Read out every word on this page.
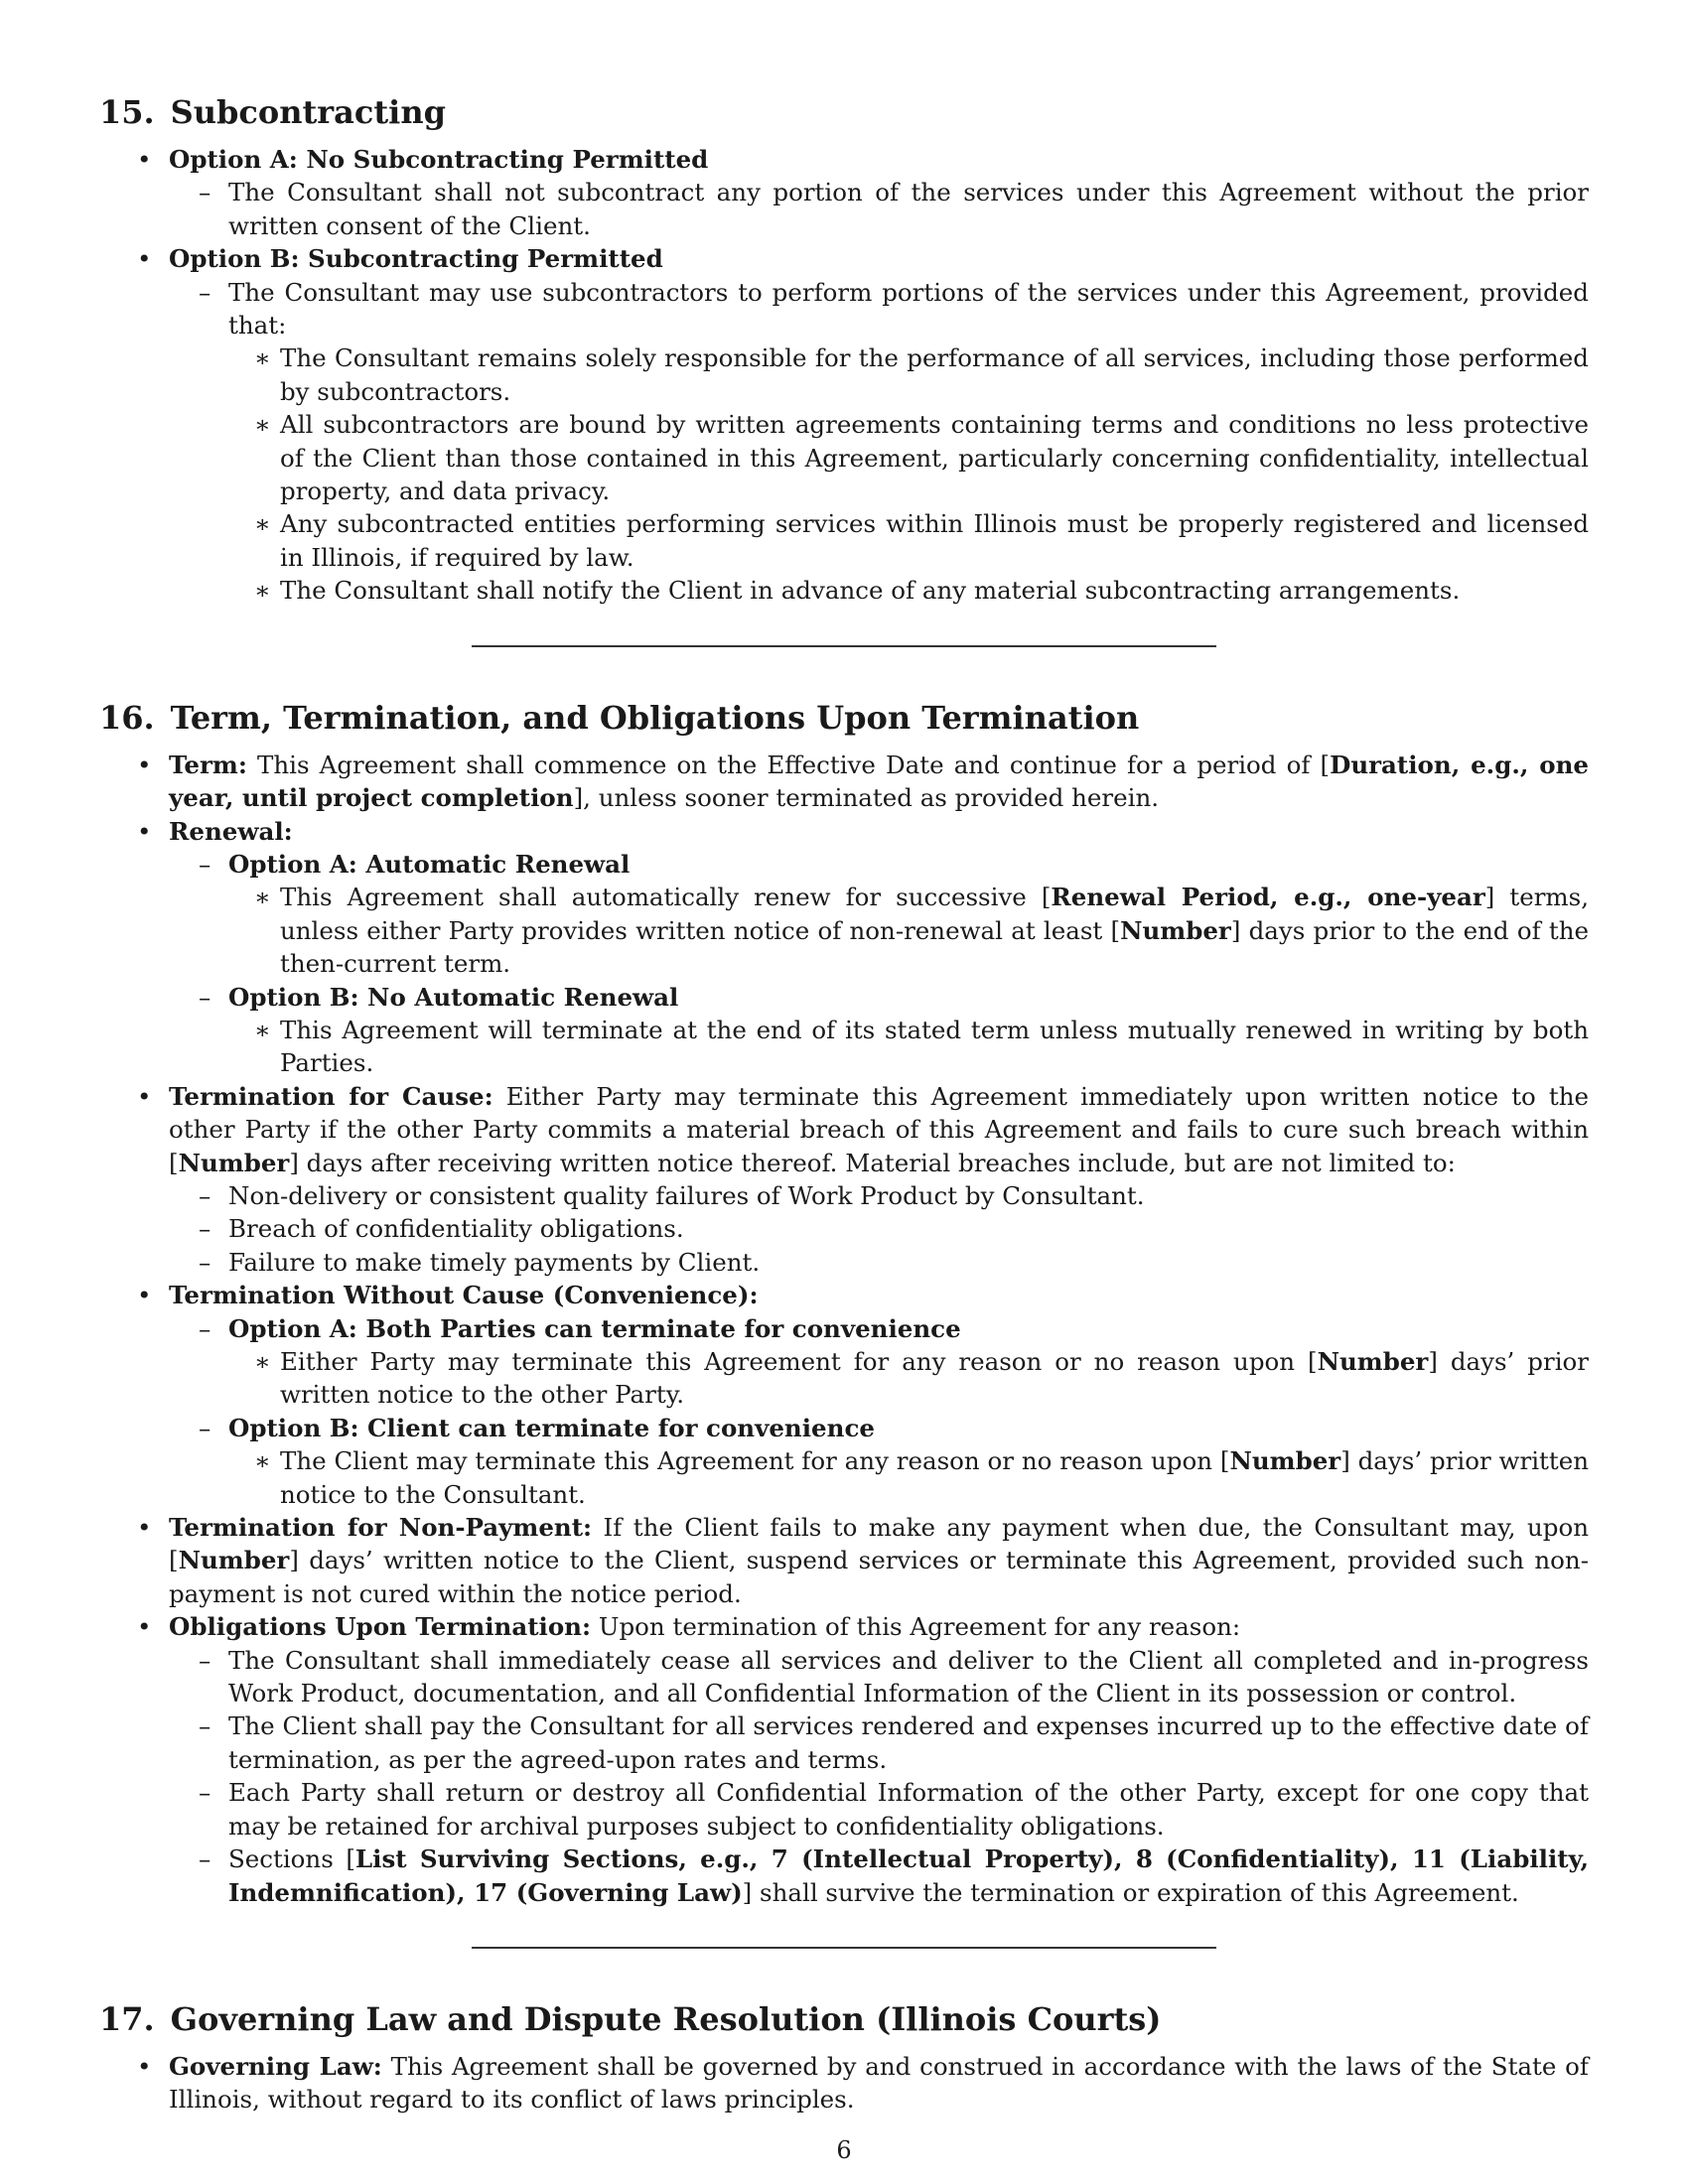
15. Subcontracting
• Option A: No Subcontracting Permitted
– The Consultant shall not subcontract any portion of the services under this Agreement without the prior written consent of the Client.
• Option B: Subcontracting Permitted
– The Consultant may use subcontractors to perform portions of the services under this Agreement, provided that:
∗ The Consultant remains solely responsible for the performance of all services, including those performed by subcontractors.
∗ All subcontractors are bound by written agreements containing terms and conditions no less protective of the Client than those contained in this Agreement, particularly concerning confidentiality, intellectual property, and data privacy.
∗ Any subcontracted entities performing services within Illinois must be properly registered and licensed in Illinois, if required by law.
∗ The Consultant shall notify the Client in advance of any material subcontracting arrangements.
16. Term, Termination, and Obligations Upon Termination
• Term: This Agreement shall commence on the Effective Date and continue for a period of [Duration, e.g., one year, until project completion], unless sooner terminated as provided herein.
• Renewal:
– Option A: Automatic Renewal
∗ This Agreement shall automatically renew for successive [Renewal Period, e.g., one-year] terms, unless either Party provides written notice of non-renewal at least [Number] days prior to the end of the then-current term.
– Option B: No Automatic Renewal
∗ This Agreement will terminate at the end of its stated term unless mutually renewed in writing by both Parties.
• Termination for Cause: Either Party may terminate this Agreement immediately upon written notice to the other Party if the other Party commits a material breach of this Agreement and fails to cure such breach within [Number] days after receiving written notice thereof. Material breaches include, but are not limited to:
– Non-delivery or consistent quality failures of Work Product by Consultant.
– Breach of confidentiality obligations.
– Failure to make timely payments by Client.
• Termination Without Cause (Convenience):
– Option A: Both Parties can terminate for convenience
∗ Either Party may terminate this Agreement for any reason or no reason upon [Number] days’ prior written notice to the other Party.
– Option B: Client can terminate for convenience
∗ The Client may terminate this Agreement for any reason or no reason upon [Number] days’ prior written notice to the Consultant.
• Termination for Non-Payment: If the Client fails to make any payment when due, the Consultant may, upon [Number] days’ written notice to the Client, suspend services or terminate this Agreement, provided such non-payment is not cured within the notice period.
• Obligations Upon Termination: Upon termination of this Agreement for any reason:
– The Consultant shall immediately cease all services and deliver to the Client all completed and in-progress Work Product, documentation, and all Confidential Information of the Client in its possession or control.
– The Client shall pay the Consultant for all services rendered and expenses incurred up to the effective date of termination, as per the agreed-upon rates and terms.
– Each Party shall return or destroy all Confidential Information of the other Party, except for one copy that may be retained for archival purposes subject to confidentiality obligations.
– Sections [List Surviving Sections, e.g., 7 (Intellectual Property), 8 (Confidentiality), 11 (Liability, Indemnification), 17 (Governing Law)] shall survive the termination or expiration of this Agreement.
17. Governing Law and Dispute Resolution (Illinois Courts)
• Governing Law: This Agreement shall be governed by and construed in accordance with the laws of the State of Illinois, without regard to its conflict of laws principles.
6
